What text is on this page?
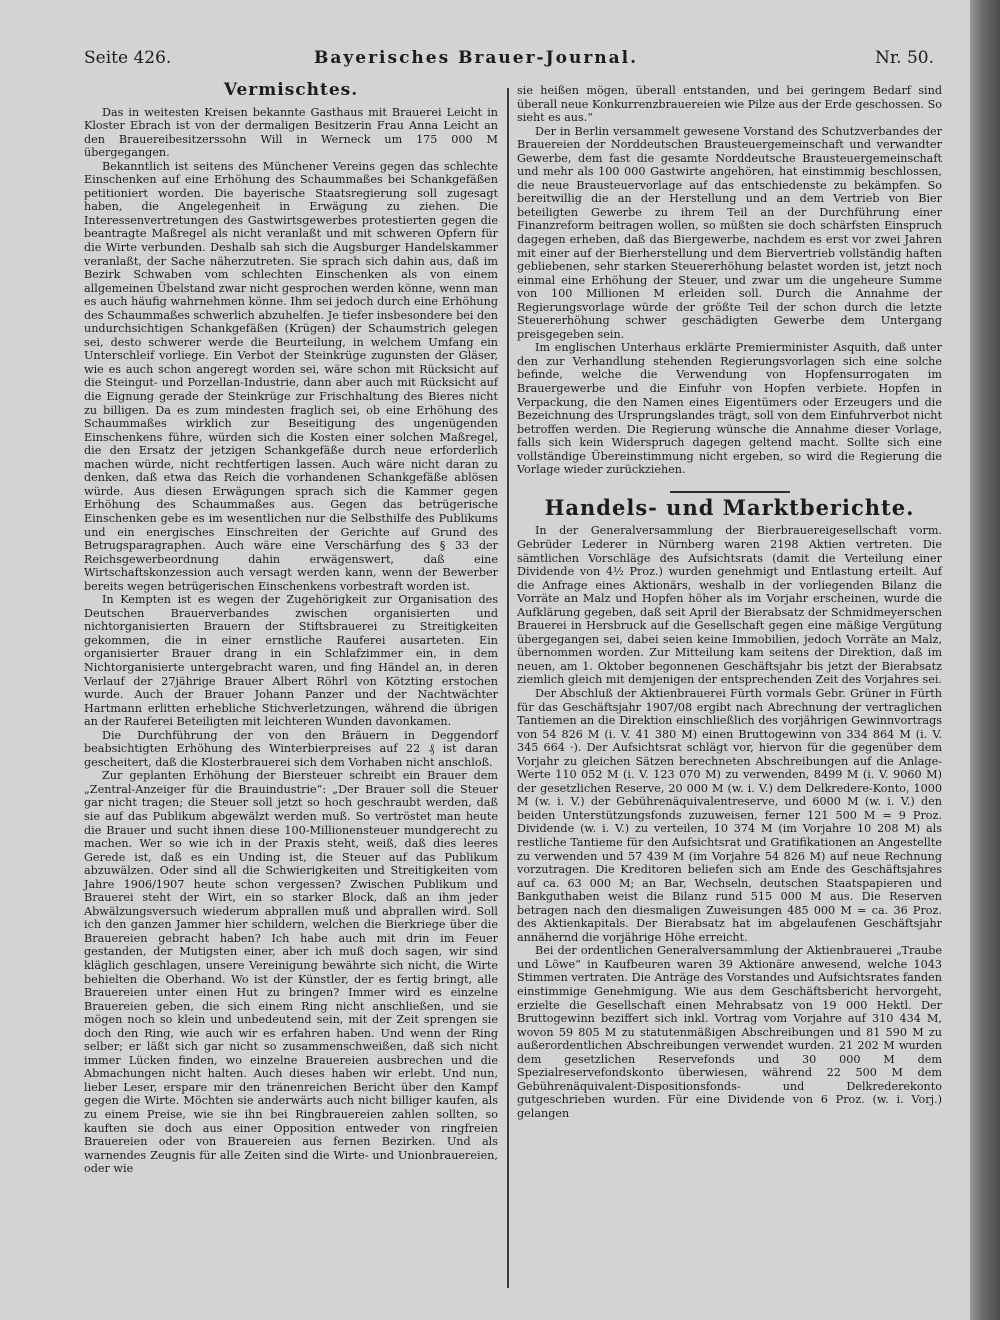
Seite 426.	Bayerisches Brauer-Journal.	Nr. 50.
Vermischtes.

Das in weitesten Kreisen bekannte Gasthaus mit Brauerei Leicht in Kloster Ebrach ist von der dermaligen Besitzerin Frau Anna Leicht an den Brauereibesitzerssohn Will in Werneck um 175 000 M übergegangen.

Bekanntlich ist seitens des Münchener Vereins gegen das schlechte Einschenken auf eine Erhöhung des Schaummaßes bei Schankgefäßen petitioniert worden. Die bayerische Staatsregierung soll zugesagt haben, die Angelegenheit in Erwägung zu ziehen. Die Interessenvertretungen des Gastwirtsgewerbes protestierten gegen die beantragte Maßregel als nicht veranlaßt und mit schweren Opfern für die Wirte verbunden. Deshalb sah sich die Augsburger Handelskammer veranlaßt, der Sache näherzutreten. Sie sprach sich dahin aus, daß im Bezirk Schwaben vom schlechten Einschenken als von einem allgemeinen Übelstand zwar nicht gesprochen werden könne, wenn man es auch häufig wahrnehmen könne. Ihm sei jedoch durch eine Erhöhung des Schaummaßes schwerlich abzuhelfen. Je tiefer insbesondere bei den undurchsichtigen Schankgefäßen (Krügen) der Schaumstrich gelegen sei, desto schwerer werde die Beurteilung, in welchem Umfang ein Unterschleif vorliege. Ein Verbot der Steinkrüge zugunsten der Gläser, wie es auch schon angeregt worden sei, wäre schon mit Rücksicht auf die Steingut- und Porzellan-Industrie, dann aber auch mit Rücksicht auf die Eignung gerade der Steinkrüge zur Frischhaltung des Bieres nicht zu billigen. Da es zum mindesten fraglich sei, ob eine Erhöhung des Schaummaßes wirklich zur Beseitigung des ungenügenden Einschenkens führe, würden sich die Kosten einer solchen Maßregel, die den Ersatz der jetzigen Schankgefäße durch neue erforderlich machen würde, nicht rechtfertigen lassen. Auch wäre nicht daran zu denken, daß etwa das Reich die vorhandenen Schankgefäße ablösen würde. Aus diesen Erwägungen sprach sich die Kammer gegen Erhöhung des Schaummaßes aus. Gegen das betrügerische Einschenken gebe es im wesentlichen nur die Selbsthilfe des Publikums und ein energisches Einschreiten der Gerichte auf Grund des Betrugsparagraphen. Auch wäre eine Verschärfung des § 33 der Reichsgewerbeordnung dahin erwägenswert, daß eine Wirtschaftskonzession auch versagt werden kann, wenn der Bewerber bereits wegen betrügerischen Einschenkens vorbestraft worden ist.

In Kempten ist es wegen der Zugehörigkeit zur Organisation des Deutschen Brauerverbandes zwischen organisierten und nichtorganisierten Brauern der Stiftsbrauerei zu Streitigkeiten gekommen, die in einer ernstliche Rauferei ausarteten. Ein organisierter Brauer drang in ein Schlafzimmer ein, in dem Nichtorganisierte untergebracht waren, und fing Händel an, in deren Verlauf der 27jährige Brauer Albert Röhrl von Kötzting erstochen wurde. Auch der Brauer Johann Panzer und der Nachtwächter Hartmann erlitten erhebliche Stichverletzungen, während die übrigen an der Rauferei Beteiligten mit leichteren Wunden davonkamen.

Die Durchführung der von den Bräuern in Deggendorf beabsichtigten Erhöhung des Winterbierpreises auf 22 ₰ ist daran gescheitert, daß die Klosterbrauerei sich dem Vorhaben nicht anschloß.

Zur geplanten Erhöhung der Biersteuer schreibt ein Brauer dem „Zentral-Anzeiger für die Brauindustrie“: „Der Brauer soll die Steuer gar nicht tragen; die Steuer soll jetzt so hoch geschraubt werden, daß sie auf das Publikum abgewälzt werden muß. So vertröstet man heute die Brauer und sucht ihnen diese 100-Millionensteuer mundgerecht zu machen. Wer so wie ich in der Praxis steht, weiß, daß dies leeres Gerede ist, daß es ein Unding ist, die Steuer auf das Publikum abzuwälzen. Oder sind all die Schwierigkeiten und Streitigkeiten vom Jahre 1906/1907 heute schon vergessen? Zwischen Publikum und Brauerei steht der Wirt, ein so starker Block, daß an ihm jeder Abwälzungsversuch wiederum abprallen muß und abprallen wird. Soll ich den ganzen Jammer hier schildern, welchen die Bierkriege über die Brauereien gebracht haben? Ich habe auch mit drin im Feuer gestanden, der Mutigsten einer, aber ich muß doch sagen, wir sind kläglich geschlagen, unsere Vereinigung bewährte sich nicht, die Wirte behielten die Oberhand. Wo ist der Künstler, der es fertig bringt, alle Brauereien unter einen Hut zu bringen? Immer wird es einzelne Brauereien geben, die sich einem Ring nicht anschließen, und sie mögen noch so klein und unbedeutend sein, mit der Zeit sprengen sie doch den Ring, wie auch wir es erfahren haben. Und wenn der Ring selber; er läßt sich gar nicht so zusammenschweißen, daß sich nicht immer Lücken finden, wo einzelne Brauereien ausbrechen und die Abmachungen nicht halten. Auch dieses haben wir erlebt. Und nun, lieber Leser, erspare mir den tränenreichen Bericht über den Kampf gegen die Wirte. Möchten sie anderwärts auch nicht billiger kaufen, als zu einem Preise, wie sie ihn bei Ringbrauereien zahlen sollten, so kauften sie doch aus einer Opposition entweder von ringfreien Brauereien oder von Brauereien aus fernen Bezirken. Und als warnendes Zeugnis für alle Zeiten sind die Wirte- und Unionbrauereien, oder wie

sie heißen mögen, überall entstanden, und bei geringem Bedarf sind überall neue Konkurrenzbrauereien wie Pilze aus der Erde geschossen. So sieht es aus.“

Der in Berlin versammelt gewesene Vorstand des Schutzverbandes der Brauereien der Norddeutschen Brausteuergemeinschaft und verwandter Gewerbe, dem fast die gesamte Norddeutsche Brausteuergemeinschaft und mehr als 100 000 Gastwirte angehören, hat einstimmig beschlossen, die neue Brausteuervorlage auf das entschiedenste zu bekämpfen. So bereitwillig die an der Herstellung und an dem Vertrieb von Bier beteiligten Gewerbe zu ihrem Teil an der Durchführung einer Finanzreform beitragen wollen, so müßten sie doch schärfsten Einspruch dagegen erheben, daß das Biergewerbe, nachdem es erst vor zwei Jahren mit einer auf der Bierherstellung und dem Biervertrieb vollständig haften gebliebenen, sehr starken Steuererhöhung belastet worden ist, jetzt noch einmal eine Erhöhung der Steuer, und zwar um die ungeheure Summe von 100 Millionen M erleiden soll. Durch die Annahme der Regierungsvorlage würde der größte Teil der schon durch die letzte Steuererhöhung schwer geschädigten Gewerbe dem Untergang preisgegeben sein.

Im englischen Unterhaus erklärte Premierminister Asquith, daß unter den zur Verhandlung stehenden Regierungsvorlagen sich eine solche befinde, welche die Verwendung von Hopfensurrogaten im Brauergewerbe und die Einfuhr von Hopfen verbiete. Hopfen in Verpackung, die den Namen eines Eigentümers oder Erzeugers und die Bezeichnung des Ursprungslandes trägt, soll von dem Einfuhrverbot nicht betroffen werden. Die Regierung wünsche die Annahme dieser Vorlage, falls sich kein Widerspruch dagegen geltend macht. Sollte sich eine vollständige Übereinstimmung nicht ergeben, so wird die Regierung die Vorlage wieder zurückziehen.

Handels- und Marktberichte.

In der Generalversammlung der Bierbrauereigesellschaft vorm. Gebrüder Lederer in Nürnberg waren 2198 Aktien vertreten. Die sämtlichen Vorschläge des Aufsichtsrats (damit die Verteilung einer Dividende von 4½ Proz.) wurden genehmigt und Entlastung erteilt. Auf die Anfrage eines Aktionärs, weshalb in der vorliegenden Bilanz die Vorräte an Malz und Hopfen höher als im Vorjahr erscheinen, wurde die Aufklärung gegeben, daß seit April der Bierabsatz der Schmidmeyerschen Brauerei in Hersbruck auf die Gesellschaft gegen eine mäßige Vergütung übergegangen sei, dabei seien keine Immobilien, jedoch Vorräte an Malz, übernommen worden. Zur Mitteilung kam seitens der Direktion, daß im neuen, am 1. Oktober begonnenen Geschäftsjahr bis jetzt der Bierabsatz ziemlich gleich mit demjenigen der entsprechenden Zeit des Vorjahres sei.

Der Abschluß der Aktienbrauerei Fürth vormals Gebr. Grüner in Fürth für das Geschäftsjahr 1907/08 ergibt nach Abrechnung der vertraglichen Tantiemen an die Direktion einschließlich des vorjährigen Gewinnvortrags von 54 826 M (i. V. 41 380 M) einen Bruttogewinn von 334 864 M (i. V. 345 664 ·). Der Aufsichtsrat schlägt vor, hiervon für die gegenüber dem Vorjahr zu gleichen Sätzen berechneten Abschreibungen auf die Anlage-Werte 110 052 M (i. V. 123 070 M) zu verwenden, 8499 M (i. V. 9060 M) der gesetzlichen Reserve, 20 000 M (w. i. V.) dem Delkredere-Konto, 1000 M (w. i. V.) der Gebührenäquivalentreserve, und 6000 M (w. i. V.) den beiden Unterstützungsfonds zuzuweisen, ferner 121 500 M = 9 Proz. Dividende (w. i. V.) zu verteilen, 10 374 M (im Vorjahre 10 208 M) als restliche Tantieme für den Aufsichtsrat und Gratifikationen an Angestellte zu verwenden und 57 439 M (im Vorjahre 54 826 M) auf neue Rechnung vorzutragen. Die Kreditoren beliefen sich am Ende des Geschäftsjahres auf ca. 63 000 M; an Bar, Wechseln, deutschen Staatspapieren und Bankguthaben weist die Bilanz rund 515 000 M aus. Die Reserven betragen nach den diesmaligen Zuweisungen 485 000 M = ca. 36 Proz. des Aktienkapitals. Der Bierabsatz hat im abgelaufenen Geschäftsjahr annähernd die vorjährige Höhe erreicht.

Bei der ordentlichen Generalversammlung der Aktienbrauerei „Traube und Löwe“ in Kaufbeuren waren 39 Aktionäre anwesend, welche 1043 Stimmen vertraten. Die Anträge des Vorstandes und Aufsichtsrates fanden einstimmige Genehmigung. Wie aus dem Geschäftsbericht hervorgeht, erzielte die Gesellschaft einen Mehrabsatz von 19 000 Hektl. Der Bruttogewinn beziffert sich inkl. Vortrag vom Vorjahre auf 310 434 M, wovon 59 805 M zu statutenmäßigen Abschreibungen und 81 590 M zu außerordentlichen Abschreibungen verwendet wurden. 21 202 M wurden dem gesetzlichen Reservefonds und 30 000 M dem Spezialreservefondskonto überwiesen, während 22 500 M dem Gebührenäquivalent-Dispositionsfonds- und Delkrederekonto gutgeschrieben wurden. Für eine Dividende von 6 Proz. (w. i. Vorj.) gelangen
